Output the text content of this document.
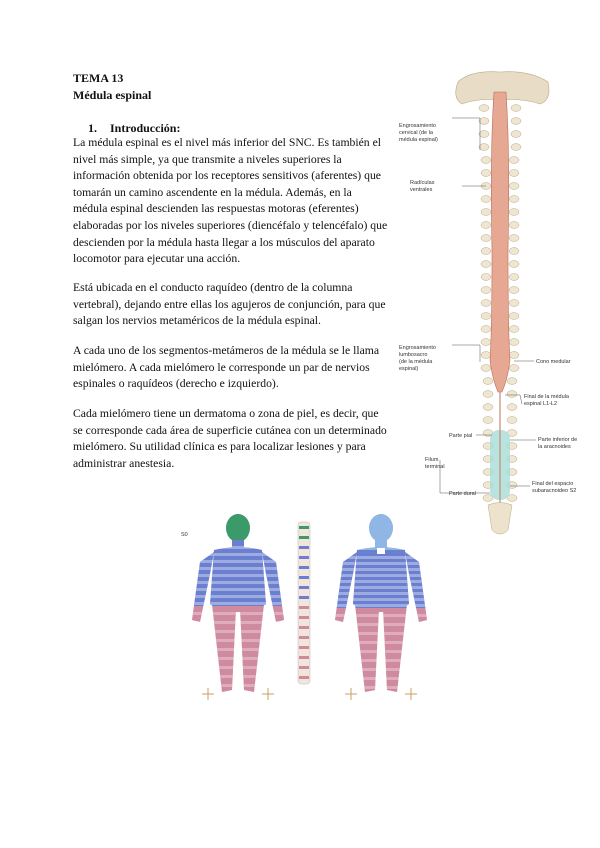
TEMA 13
Médula espinal
1. Introducción:

La médula espinal es el nivel más inferior del SNC. Es también el nivel más simple, ya que transmite a niveles superiores la información obtenida por los receptores sensitivos (aferentes) que tomarán un camino ascendente en la médula. Además, en la médula espinal descienden las respuestas motoras (eferentes) elaboradas por los niveles superiores (diencéfalo y telencéfalo) que descienden por la médula hasta llegar a los músculos del aparato locomotor para ejecutar una acción.

Está ubicada en el conducto raquídeo (dentro de la columna vertebral), dejando entre ellas los agujeros de conjunción, para que salgan los nervios metaméricos de la médula espinal.

A cada uno de los segmentos-metámeros de la médula se le llama mielómero. A cada mielómero le corresponde un par de nervios espinales o raquídeos (derecho e izquierdo).

Cada mielómero tiene un dermatoma o zona de piel, es decir, que se corresponde cada área de superficie cutánea con un determinado mielómero. Su utilidad clínica es para localizar lesiones y para administrar anestesia.

Engrosamiento
cervical (de la
médula espinal)
Radículas
ventrales
Engrosamiento
lumbosacro
(de la médula
espinal)
Cono medular
Final de la médula
espinal L1-L2
Parte pial
Filum
terminal
Parte inferior de
la aracnoides
Parte dural
Final del espacio
subaracnoideo S2
S0
